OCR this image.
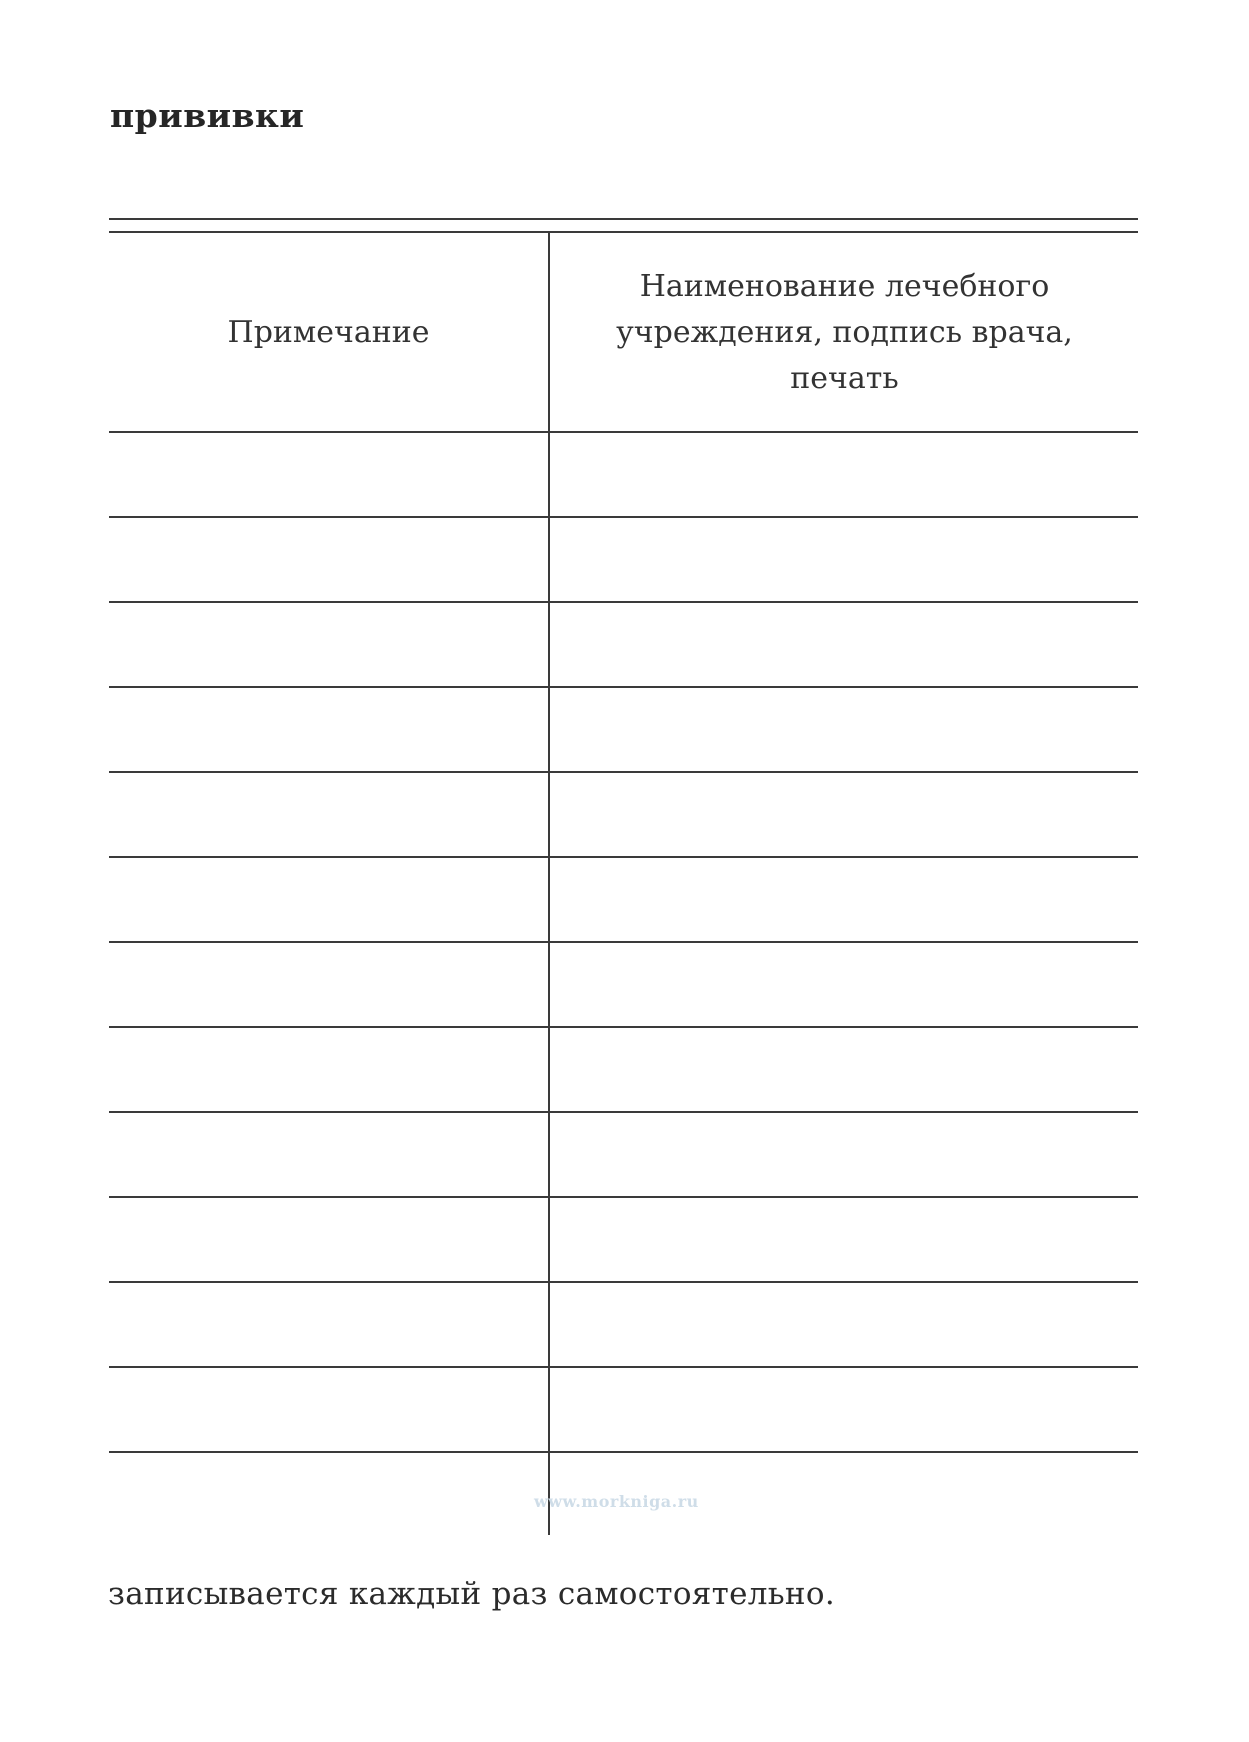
прививки
Примечание
Наименование лечебного учреждения, подпись врача, печать
www.morkniga.ru
записывается каждый раз самостоятельно.
